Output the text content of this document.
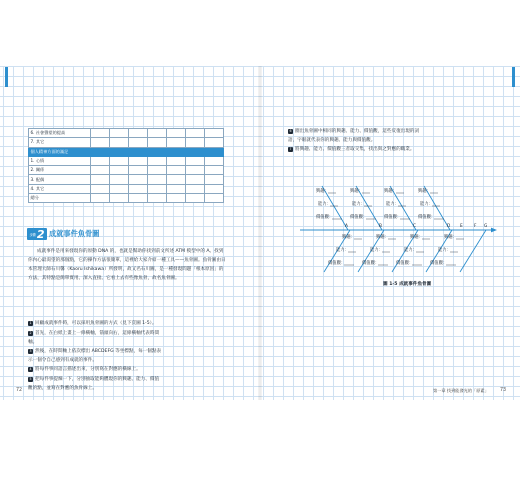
6. 社會聲望的提高							
7. 其它							
個人精神方面的滿足							
1. 心情							
2. 關係							
3. 配偶							
4. 其它							
總分							
步驟 2 成就事件魚骨圖

成就事件是用來發現你的原動 DNA 的，也就是幫助你找到前文所述 ATM 模型中的 A。找到你內心最渴望的那個點，它的操作方法很簡單，這裡給大家介紹一種工具——魚骨圖。魚骨圖由日本管理大師石川馨（Kaoru Ishikawa）所發明，故又名石川圖，是一種發現問題「根本原因」的方法，其特點是簡單實用、深入直接。它看上去有些像魚骨，故名魚骨圖。

1 回顧成就事件時，可以採用魚骨圖的方式（見下頁圖 1-5）。
2 首先，在白紙上畫上一條橫軸，箭頭向右，這條橫軸代表時間
軸。
3 然後，在時間軸上依次標出 ABCDEFG 等坐標點，每一個點表
示一個令自己感到有成就的事件。
4 將每件事同語言描述出來，分別寫在對應的橫線上。
5 把每件事提煉一下，分別抽取能夠體現你的興趣、能力、價值
觀的點，並寫在對應的魚骨線上。
72
6 圈出魚骨圖中相同的興趣、能力、價值觀，這些反復出現的詞
語，字眼就代表你的興趣、能力與價值觀。
7 將興趣、能力、價值觀三者取交集，找出與之對應的職業。
興趣：
能力：
價值觀：
興趣：
能力：
價值觀：
興趣：
能力：
價值觀：
興趣：
能力：
價值觀：
A	B	C	D E	F G
興趣：
能力：
價值觀：
興趣：
能力：
價值觀：
興趣：
能力：
價值觀：
興趣：
能力：
價值觀：
圖 1-5 成就事件魚骨圖
第一章 找到能發光的「原素」 73
